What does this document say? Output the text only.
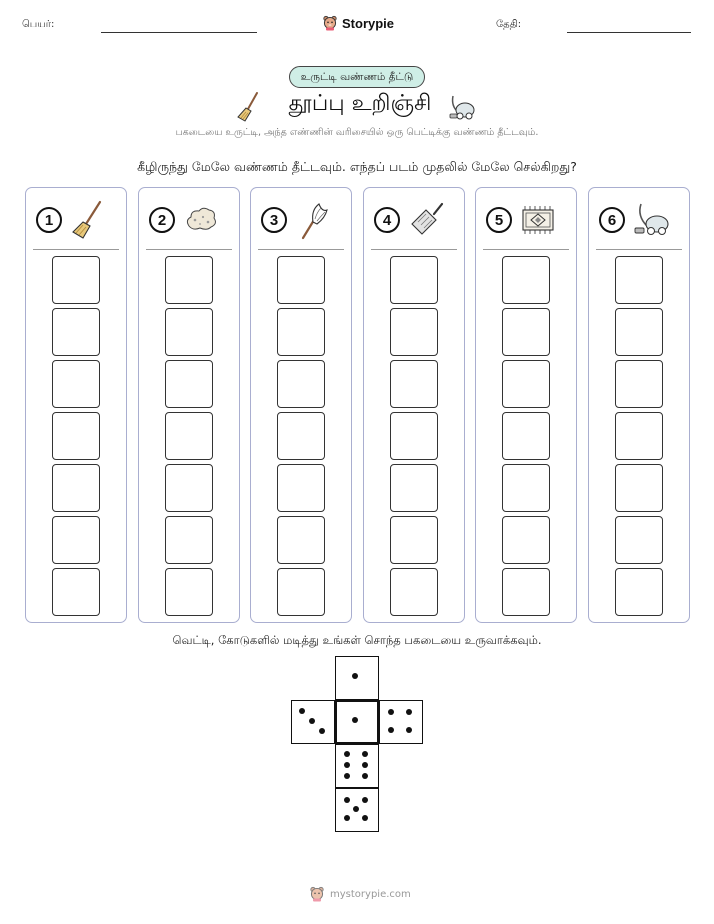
பெயர்:	Storypie	தேதி:
உருட்டி வண்ணம் தீட்டு
தூப்பு உறிஞ்சி
பகடையை உருட்டி, அந்த எண்ணின் வரிசையில் ஒரு பெட்டிக்கு வண்ணம் தீட்டவும்.
கீழிருந்து மேலே வண்ணம் தீட்டவும். எந்தப் படம் முதலில் மேலே செல்கிறது?
1	2	3	4	5	6
வெட்டி, கோடுகளில் மடித்து உங்கள் சொந்த பகடையை உருவாக்கவும்.
mystorypie.com
